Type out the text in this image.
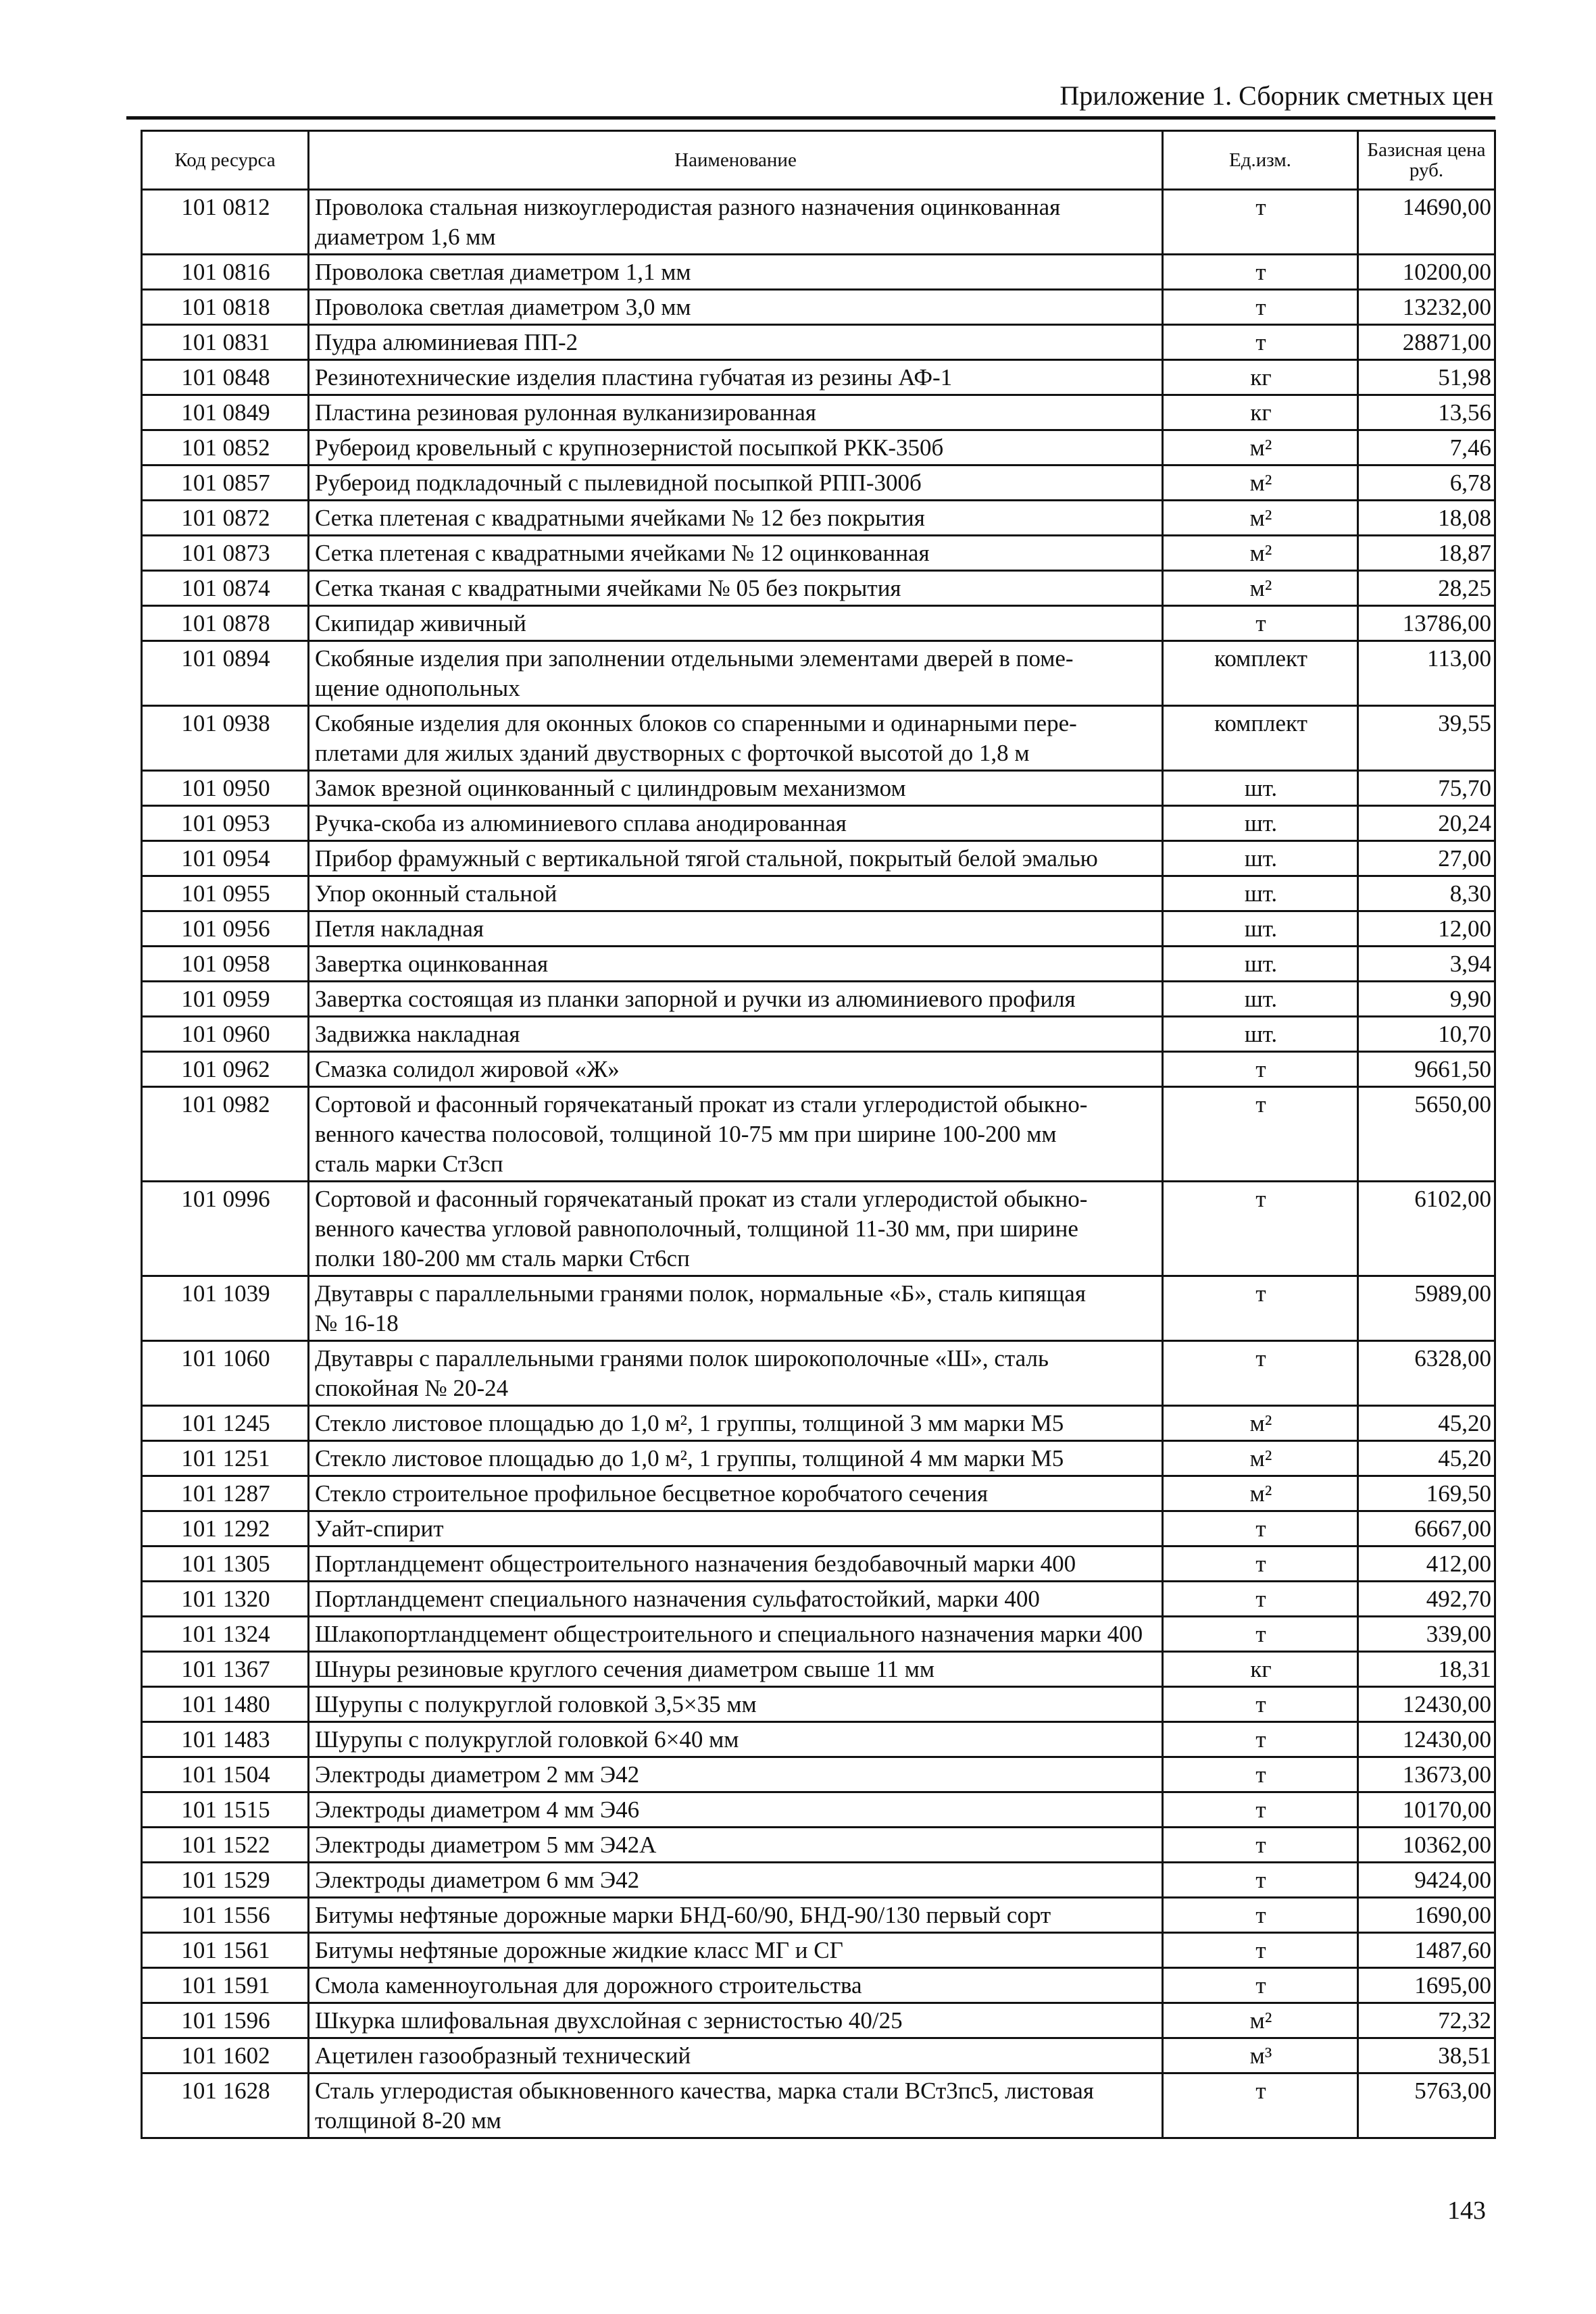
Приложение 1. Сборник сметных цен
Код ресурса	Наименование	Ед.изм.	Базисная цена
руб.
101 0812	Проволока стальная низкоуглеродистая разного назначения оцинкованная
диаметром 1,6 мм	т	14690,00
101 0816	Проволока светлая диаметром 1,1 мм	т	10200,00
101 0818	Проволока светлая диаметром 3,0 мм	т	13232,00
101 0831	Пудра алюминиевая ПП-2	т	28871,00
101 0848	Резинотехнические изделия пластина губчатая из резины АФ-1	кг	51,98
101 0849	Пластина резиновая рулонная вулканизированная	кг	13,56
101 0852	Рубероид кровельный с крупнозернистой посыпкой РКК-350б	м²	7,46
101 0857	Рубероид подкладочный с пылевидной посыпкой РПП-300б	м²	6,78
101 0872	Сетка плетеная с квадратными ячейками № 12 без покрытия	м²	18,08
101 0873	Сетка плетеная с квадратными ячейками № 12 оцинкованная	м²	18,87
101 0874	Сетка тканая с квадратными ячейками № 05 без покрытия	м²	28,25
101 0878	Скипидар живичный	т	13786,00
101 0894	Скобяные изделия при заполнении отдельными элементами дверей в поме-
щение однопольных	комплект	113,00
101 0938	Скобяные изделия для оконных блоков со спаренными и одинарными пере-
плетами для жилых зданий двустворных с форточкой высотой до 1,8 м	комплект	39,55
101 0950	Замок врезной оцинкованный с цилиндровым механизмом	шт.	75,70
101 0953	Ручка-скоба из алюминиевого сплава анодированная	шт.	20,24
101 0954	Прибор фрамужный с вертикальной тягой стальной, покрытый белой эмалью	шт.	27,00
101 0955	Упор оконный стальной	шт.	8,30
101 0956	Петля накладная	шт.	12,00
101 0958	Завертка оцинкованная	шт.	3,94
101 0959	Завертка состоящая из планки запорной и ручки из алюминиевого профиля	шт.	9,90
101 0960	Задвижка накладная	шт.	10,70
101 0962	Смазка солидол жировой «Ж»	т	9661,50
101 0982	Сортовой и фасонный горячекатаный прокат из стали углеродистой обыкно-
венного качества полосовой, толщиной 10-75 мм при ширине 100-200 мм
сталь марки Ст3сп	т	5650,00
101 0996	Сортовой и фасонный горячекатаный прокат из стали углеродистой обыкно-
венного качества угловой равнополочный, толщиной 11-30 мм, при ширине
полки 180-200 мм сталь марки Ст6сп	т	6102,00
101 1039	Двутавры с параллельными гранями полок, нормальные «Б», сталь кипящая
№ 16-18	т	5989,00
101 1060	Двутавры с параллельными гранями полок широкополочные «Ш», сталь
спокойная № 20-24	т	6328,00
101 1245	Стекло листовое площадью до 1,0 м², 1 группы, толщиной 3 мм марки М5	м²	45,20
101 1251	Стекло листовое площадью до 1,0 м², 1 группы, толщиной 4 мм марки М5	м²	45,20
101 1287	Стекло строительное профильное бесцветное коробчатого сечения	м²	169,50
101 1292	Уайт-спирит	т	6667,00
101 1305	Портландцемент общестроительного назначения бездобавочный марки 400	т	412,00
101 1320	Портландцемент специального назначения сульфатостойкий, марки 400	т	492,70
101 1324	Шлакопортландцемент общестроительного и специального назначения марки 400	т	339,00
101 1367	Шнуры резиновые круглого сечения диаметром свыше 11 мм	кг	18,31
101 1480	Шурупы с полукруглой головкой 3,5×35 мм	т	12430,00
101 1483	Шурупы с полукруглой головкой 6×40 мм	т	12430,00
101 1504	Электроды диаметром 2 мм Э42	т	13673,00
101 1515	Электроды диаметром 4 мм Э46	т	10170,00
101 1522	Электроды диаметром 5 мм Э42А	т	10362,00
101 1529	Электроды диаметром 6 мм Э42	т	9424,00
101 1556	Битумы нефтяные дорожные марки БНД-60/90, БНД-90/130 первый сорт	т	1690,00
101 1561	Битумы нефтяные дорожные жидкие класс МГ и СГ	т	1487,60
101 1591	Смола каменноугольная для дорожного строительства	т	1695,00
101 1596	Шкурка шлифовальная двухслойная с зернистостью 40/25	м²	72,32
101 1602	Ацетилен газообразный технический	м³	38,51
101 1628	Сталь углеродистая обыкновенного качества, марка стали ВСт3пс5, листовая
толщиной 8-20 мм	т	5763,00
143
